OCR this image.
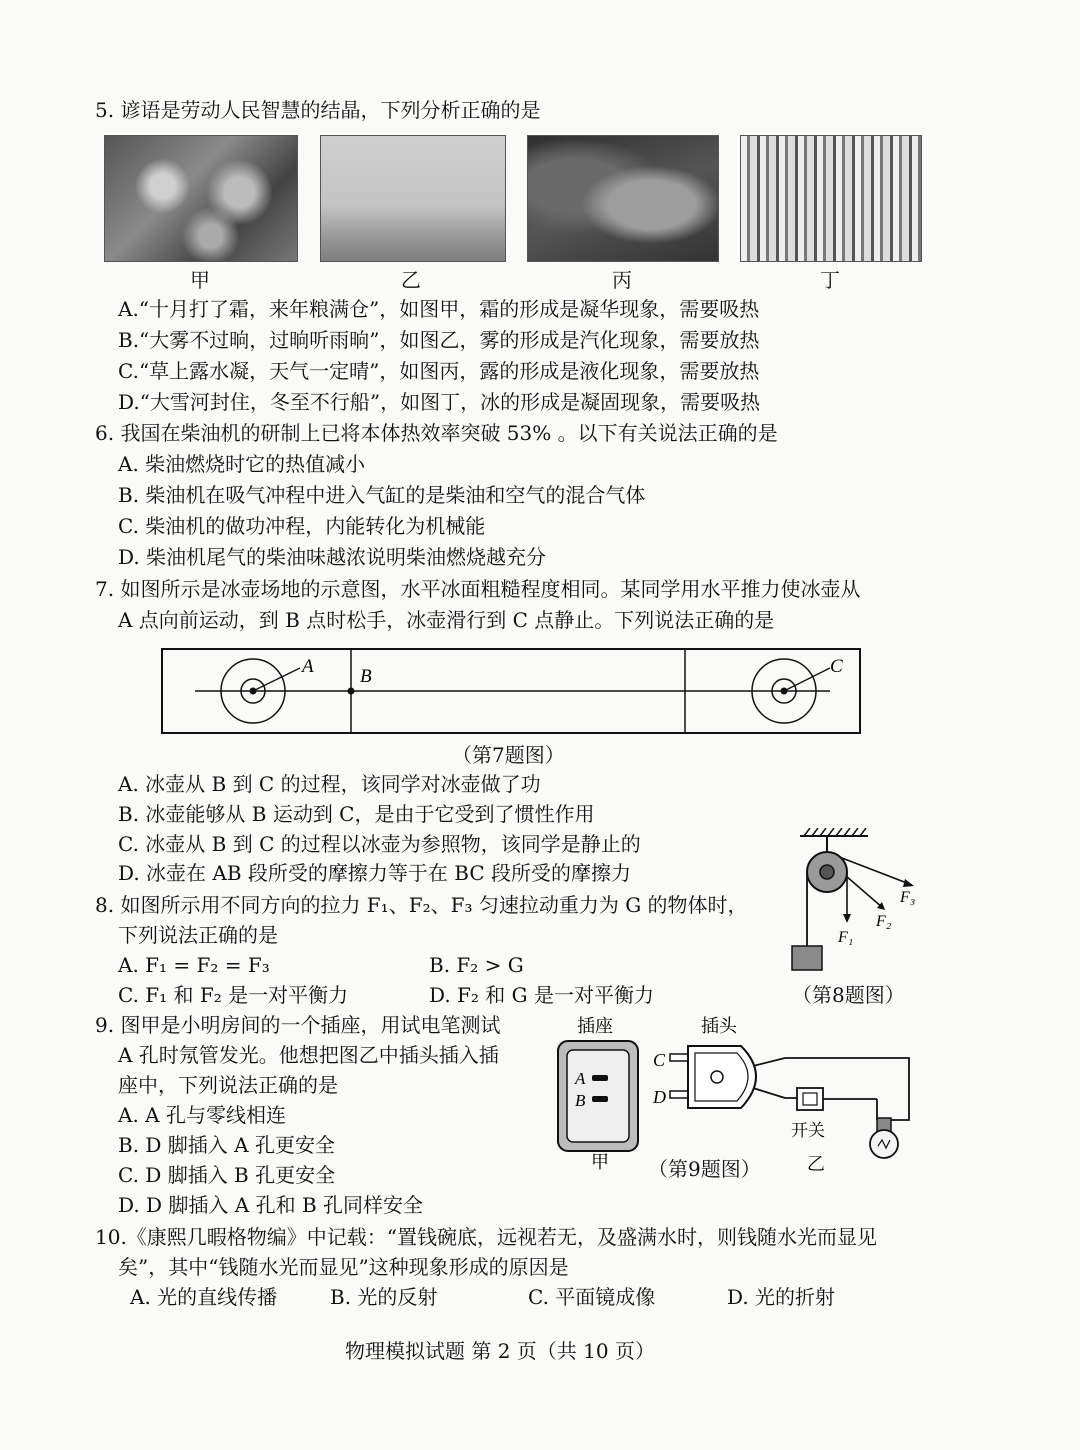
5. 谚语是劳动人民智慧的结晶，下列分析正确的是
甲	乙	丙	丁
A.“十月打了霜，来年粮满仓”，如图甲，霜的形成是凝华现象，需要吸热
B.“大雾不过晌，过晌听雨晌”，如图乙，雾的形成是汽化现象，需要放热
C.“草上露水凝，天气一定晴”，如图丙，露的形成是液化现象，需要放热
D.“大雪河封住，冬至不行船”，如图丁，冰的形成是凝固现象，需要吸热
6. 我国在柴油机的研制上已将本体热效率突破 53% 。以下有关说法正确的是
A. 柴油燃烧时它的热值减小
B. 柴油机在吸气冲程中进入气缸的是柴油和空气的混合气体
C. 柴油机的做功冲程，内能转化为机械能
D. 柴油机尾气的柴油味越浓说明柴油燃烧越充分
7. 如图所示是冰壶场地的示意图，水平冰面粗糙程度相同。某同学用水平推力使冰壶从
A 点向前运动，到 B 点时松手，冰壶滑行到 C 点静止。下列说法正确的是
A B	C
（第7题图）
A. 冰壶从 B 到 C 的过程，该同学对冰壶做了功
B. 冰壶能够从 B 运动到 C，是由于它受到了惯性作用
C. 冰壶从 B 到 C 的过程以冰壶为参照物，该同学是静止的
D. 冰壶在 AB 段所受的摩擦力等于在 BC 段所受的摩擦力
F₁
F₂
F₃
8. 如图所示用不同方向的拉力 F₁、F₂、F₃ 匀速拉动重力为 G 的物体时，
下列说法正确的是
A. F₁ = F₂ = F₃	B. F₂ > G
C. F₁ 和 F₂ 是一对平衡力	D. F₂ 和 G 是一对平衡力	（第8题图）
9. 图甲是小明房间的一个插座，用试电笔测试
A 孔时氖管发光。他想把图乙中插头插入插
座中，下列说法正确的是
A. A 孔与零线相连
B. D 脚插入 A 孔更安全
C. D 脚插入 B 孔更安全
D. D 脚插入 A 孔和 B 孔同样安全
插座
A
B
甲
插头
C
D
开关
乙
（第9题图）
10.《康熙几暇格物编》中记载：“置钱碗底，远视若无，及盛满水时，则钱随水光而显见
矣”，其中“钱随水光而显见”这种现象形成的原因是
A. 光的直线传播	B. 光的反射	C. 平面镜成像	D. 光的折射
物理模拟试题 第 2 页（共 10 页）
